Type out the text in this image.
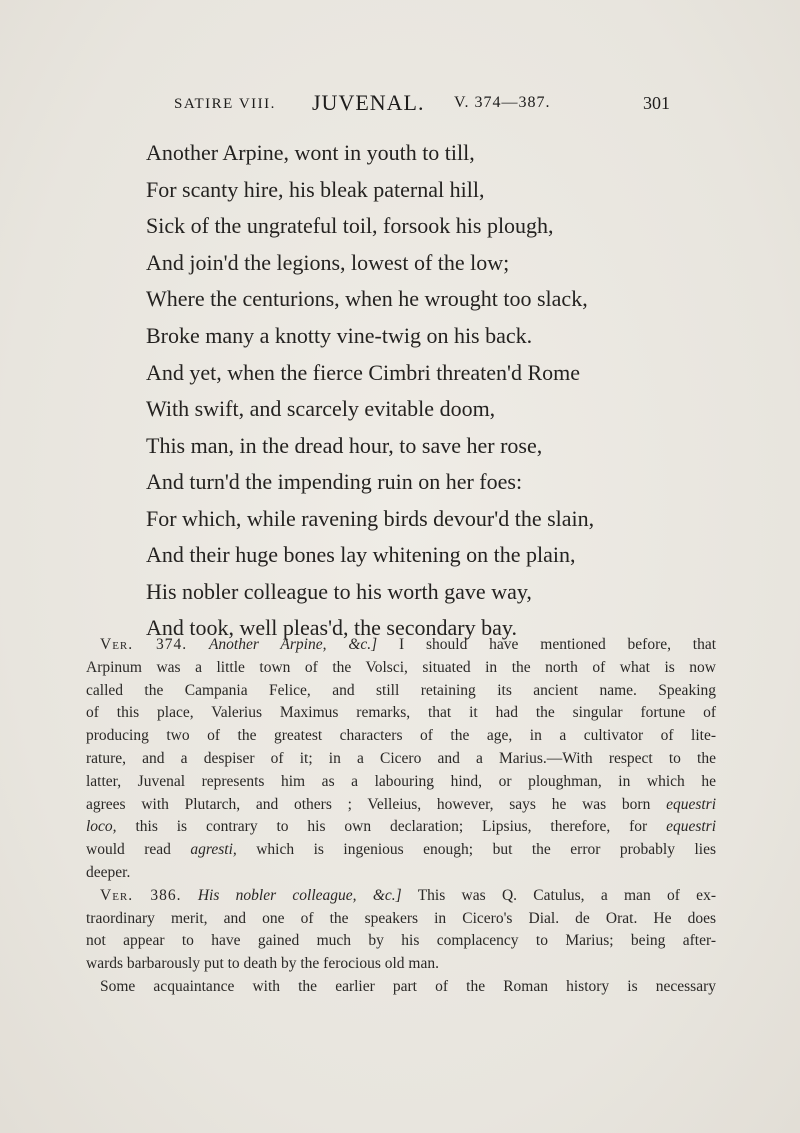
SATIRE VIII. JUVENAL. V. 374—387.	301
Another Arpine, wont in youth to till,
For scanty hire, his bleak paternal hill,
Sick of the ungrateful toil, forsook his plough,
And join'd the legions, lowest of the low;
Where the centurions, when he wrought too slack,
Broke many a knotty vine-twig on his back.
And yet, when the fierce Cimbri threaten'd Rome
With swift, and scarcely evitable doom,
This man, in the dread hour, to save her rose,
And turn'd the impending ruin on her foes:
For which, while ravening birds devour'd the slain,
And their huge bones lay whitening on the plain,
His nobler colleague to his worth gave way,
And took, well pleas'd, the secondary bay.
Ver. 374. Another Arpine, &c.] I should have mentioned before, that
Arpinum was a little town of the Volsci, situated in the north of what is now
called the Campania Felice, and still retaining its ancient name. Speaking
of this place, Valerius Maximus remarks, that it had the singular fortune of
producing two of the greatest characters of the age, in a cultivator of lite-
rature, and a despiser of it; in a Cicero and a Marius.—With respect to the
latter, Juvenal represents him as a labouring hind, or ploughman, in which he
agrees with Plutarch, and others ; Velleius, however, says he was born equestri
loco, this is contrary to his own declaration; Lipsius, therefore, for equestri
would read agresti, which is ingenious enough; but the error probably lies
deeper.
Ver. 386. His nobler colleague, &c.] This was Q. Catulus, a man of ex-
traordinary merit, and one of the speakers in Cicero's Dial. de Orat. He does
not appear to have gained much by his complacency to Marius; being after-
wards barbarously put to death by the ferocious old man.
Some acquaintance with the earlier part of the Roman history is necessary
